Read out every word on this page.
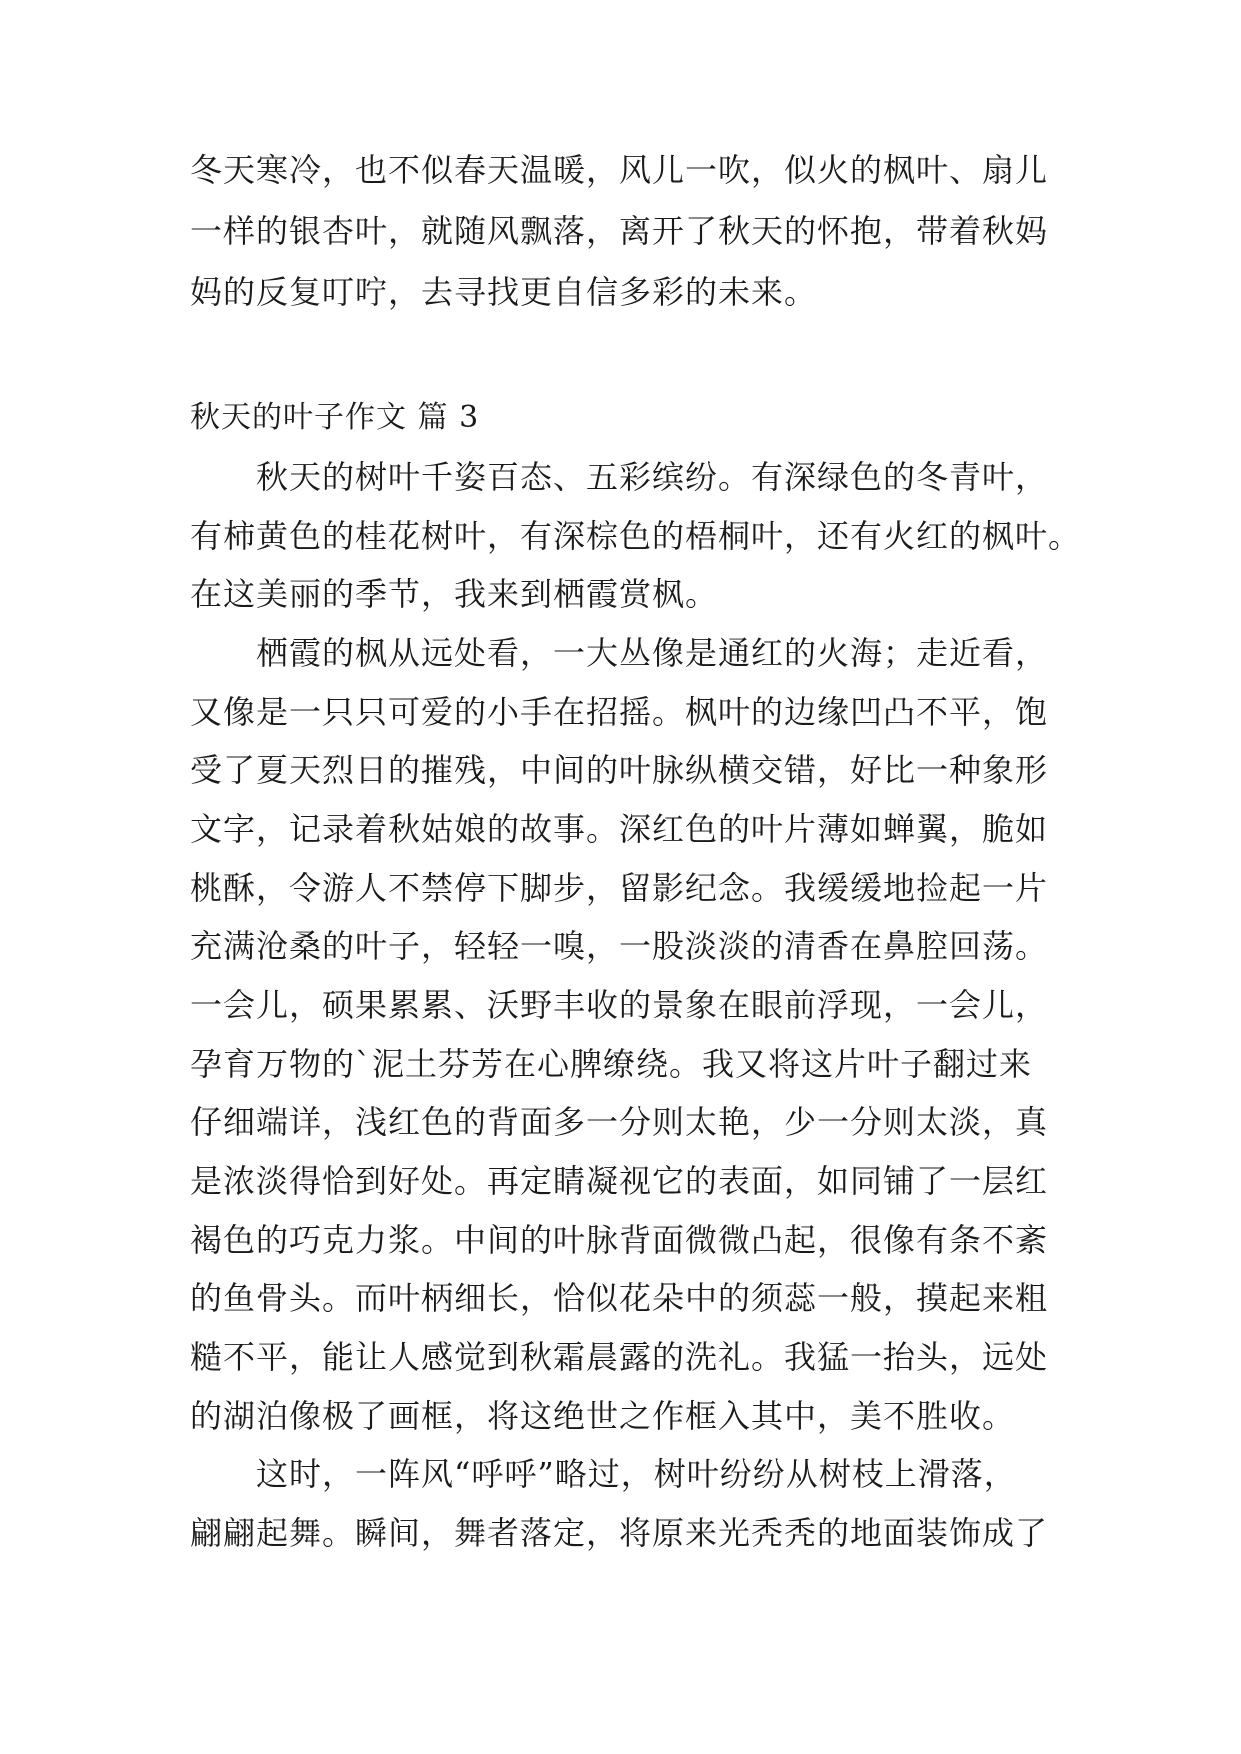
冬天寒冷，也不似春天温暖，风儿一吹，似火的枫叶、扇儿
一样的银杏叶，就随风飘落，离开了秋天的怀抱，带着秋妈
妈的反复叮咛，去寻找更自信多彩的未来。
秋天的叶子作文 篇 3
　　秋天的树叶千姿百态、五彩缤纷。有深绿色的冬青叶，
有柿黄色的桂花树叶，有深棕色的梧桐叶，还有火红的枫叶。
在这美丽的季节，我来到栖霞赏枫。
　　栖霞的枫从远处看，一大丛像是通红的火海；走近看，
又像是一只只可爱的小手在招摇。枫叶的边缘凹凸不平，饱
受了夏天烈日的摧残，中间的叶脉纵横交错，好比一种象形
文字，记录着秋姑娘的故事。深红色的叶片薄如蝉翼，脆如
桃酥，令游人不禁停下脚步，留影纪念。我缓缓地捡起一片
充满沧桑的叶子，轻轻一嗅，一股淡淡的清香在鼻腔回荡。
一会儿，硕果累累、沃野丰收的景象在眼前浮现，一会儿，
孕育万物的`泥土芬芳在心脾缭绕。我又将这片叶子翻过来
仔细端详，浅红色的背面多一分则太艳，少一分则太淡，真
是浓淡得恰到好处。再定睛凝视它的表面，如同铺了一层红
褐色的巧克力浆。中间的叶脉背面微微凸起，很像有条不紊
的鱼骨头。而叶柄细长，恰似花朵中的须蕊一般，摸起来粗
糙不平，能让人感觉到秋霜晨露的洗礼。我猛一抬头，远处
的湖泊像极了画框，将这绝世之作框入其中，美不胜收。
　　这时，一阵风“呼呼”略过，树叶纷纷从树枝上滑落，
翩翩起舞。瞬间，舞者落定，将原来光秃秃的地面装饰成了
